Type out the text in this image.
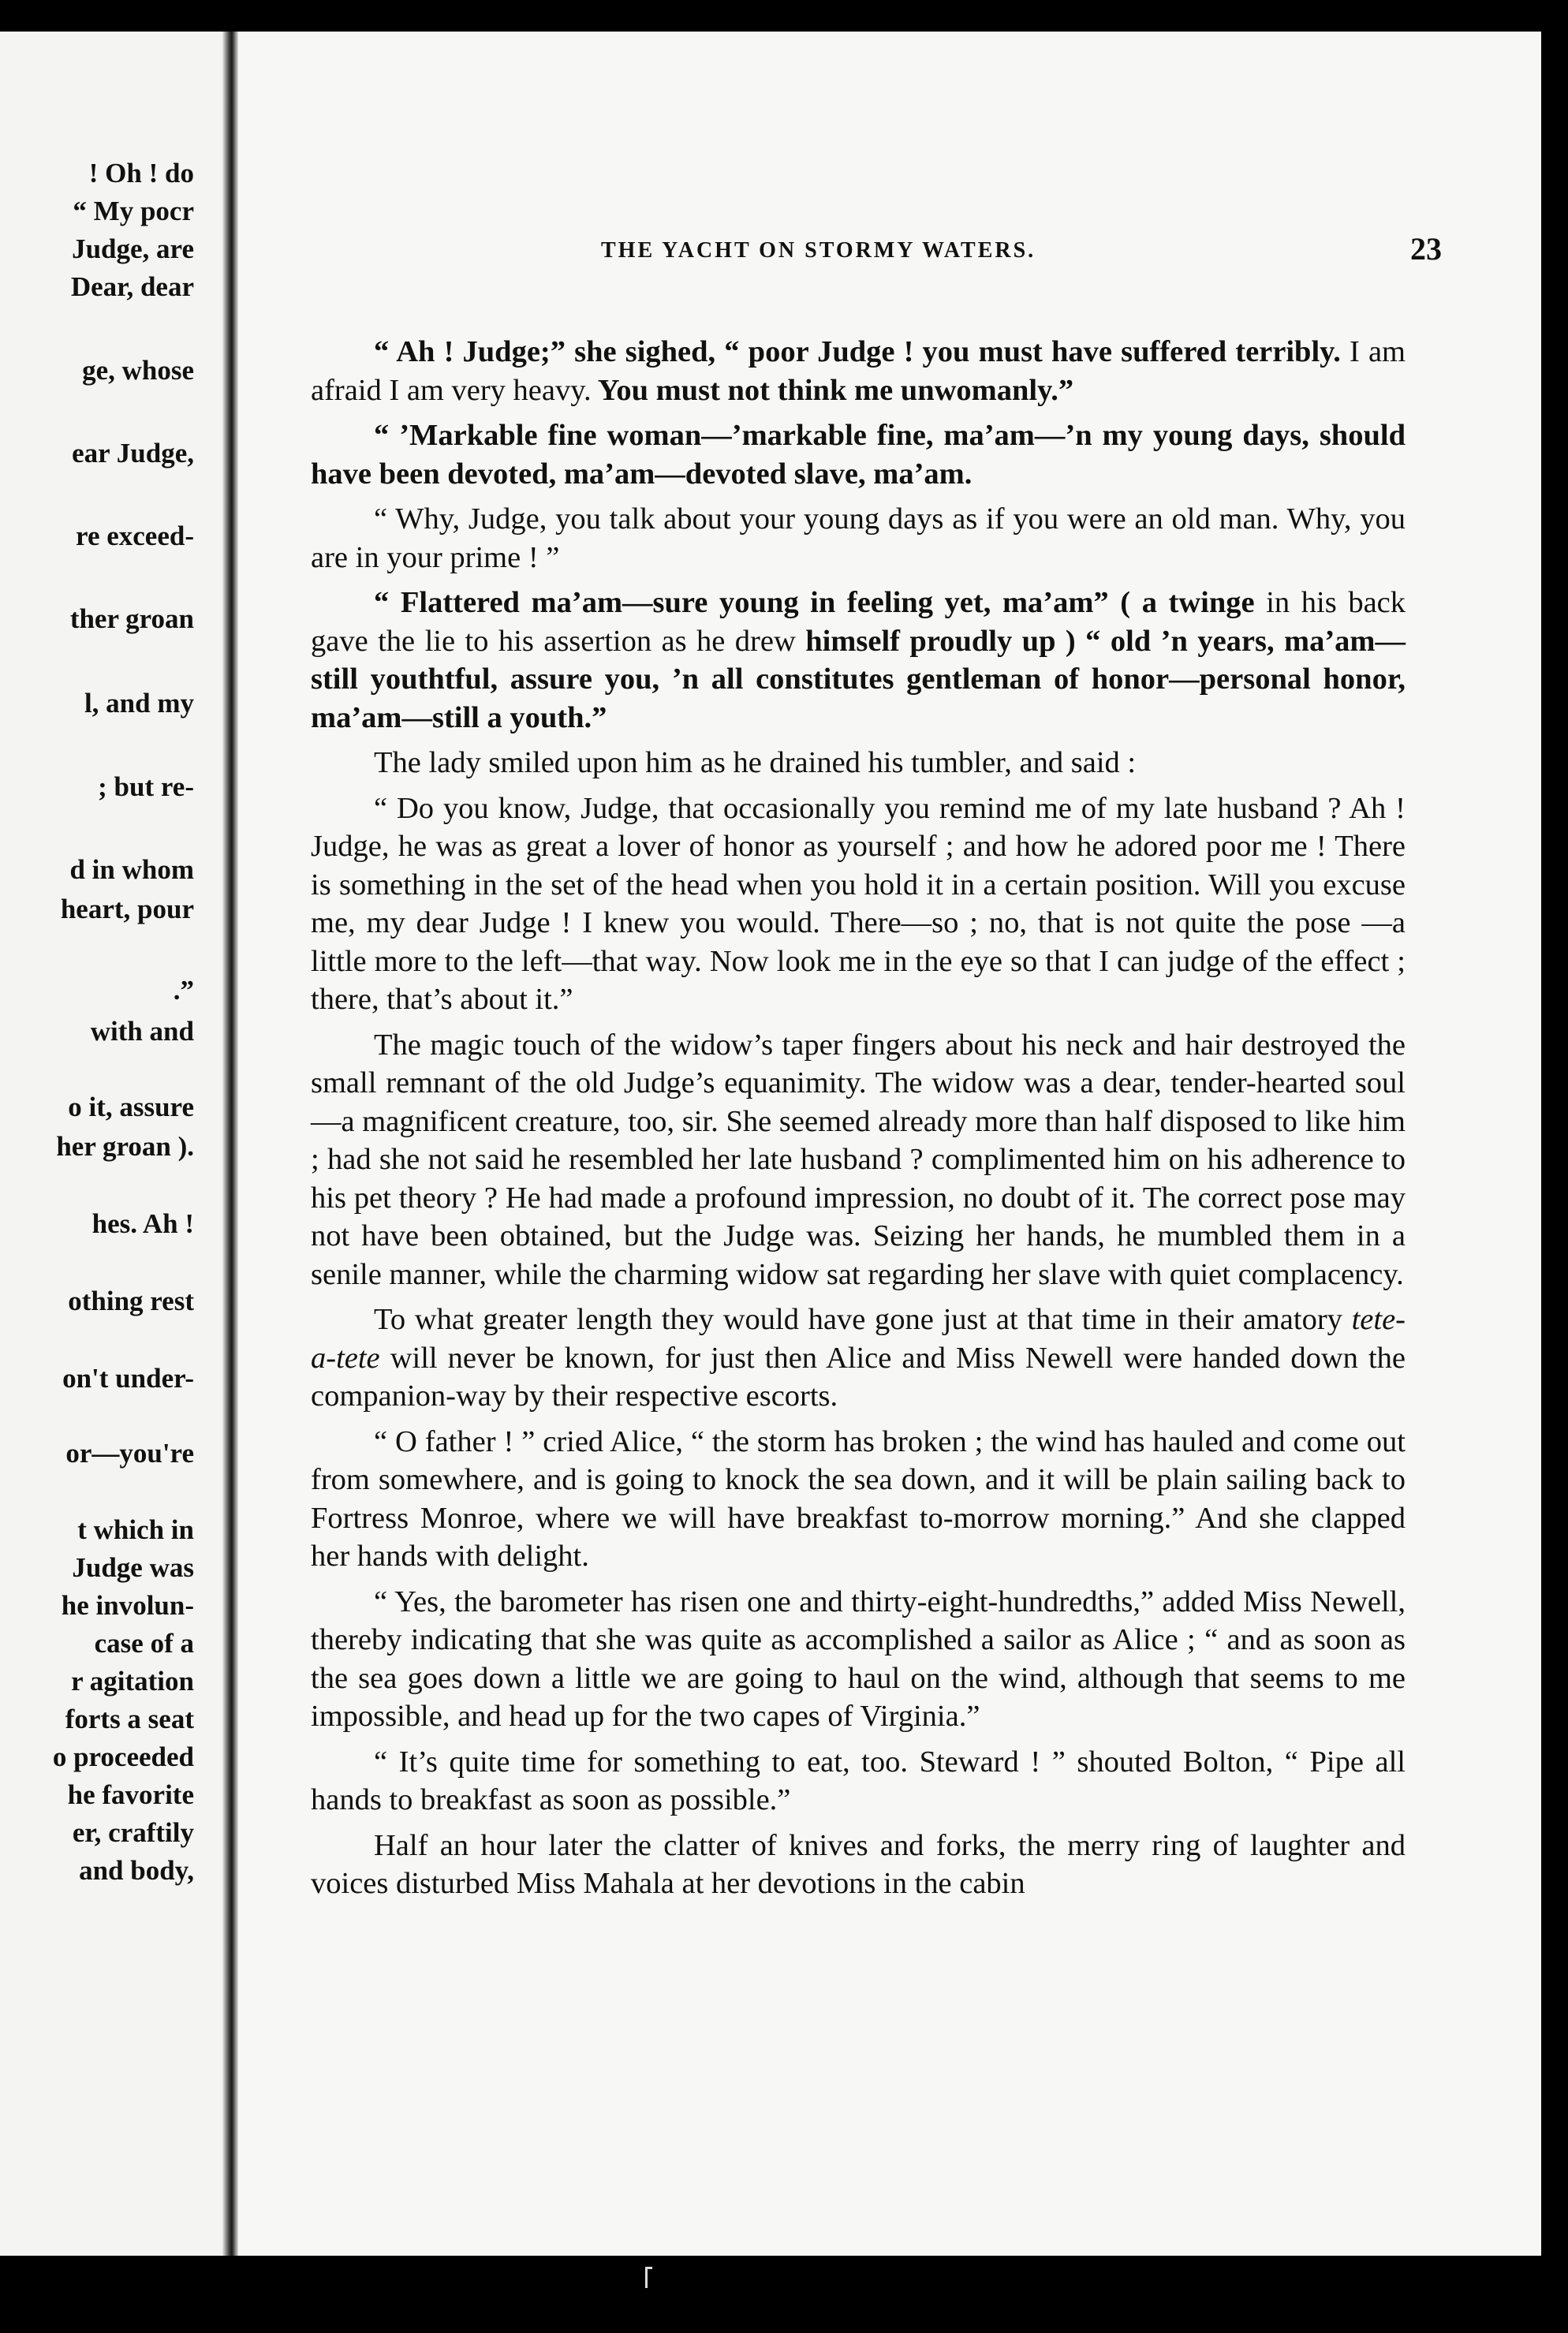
! Oh ! do
“ My pocr
Judge, are
Dear, dear
ge, whose
ear Judge,
re exceed-
ther groan
l, and my
; but re-
d in whom
heart, pour
.”
with and
o it, assure
her groan ).
hes. Ah !
othing rest
on't under-
or—you're
t which in
Judge was
he involun-
case of a
r agitation
forts a seat
o proceeded
he favorite
er, craftily
and body,
THE YACHT ON STORMY WATERS.	23

“ Ah ! Judge;” she sighed, “ poor Judge ! you must have suffered terribly. I am afraid I am very heavy. You must not think me unwomanly.”

“ ’Markable fine woman—’markable fine, ma’am—’n my young days, should have been devoted, ma’am—devoted slave, ma’am.

“ Why, Judge, you talk about your young days as if you were an old man. Why, you are in your prime ! ”

“ Flattered ma’am—sure young in feeling yet, ma’am” ( a twinge in his back gave the lie to his assertion as he drew himself proudly up ) “ old ’n years, ma’am—still youthtful, assure you, ’n all constitutes gentleman of honor—personal honor, ma’am—still a youth.”

The lady smiled upon him as he drained his tumbler, and said :

“ Do you know, Judge, that occasionally you remind me of my late husband ? Ah ! Judge, he was as great a lover of honor as yourself ; and how he adored poor me ! There is something in the set of the head when you hold it in a certain position. Will you excuse me, my dear Judge ! I knew you would. There—so ; no, that is not quite the pose —a little more to the left—that way. Now look me in the eye so that I can judge of the effect ; there, that’s about it.”

The magic touch of the widow’s taper fingers about his neck and hair destroyed the small remnant of the old Judge’s equanimity. The widow was a dear, tender-hearted soul—a magnificent creature, too, sir. She seemed already more than half disposed to like him ; had she not said he resembled her late husband ? complimented him on his adherence to his pet theory ? He had made a profound impression, no doubt of it. The correct pose may not have been obtained, but the Judge was. Seizing her hands, he mumbled them in a senile manner, while the charming widow sat regarding her slave with quiet complacency.

To what greater length they would have gone just at that time in their amatory tete-a-tete will never be known, for just then Alice and Miss Newell were handed down the companion-way by their respective escorts.

“ O father ! ” cried Alice, “ the storm has broken ; the wind has hauled and come out from somewhere, and is going to knock the sea down, and it will be plain sailing back to Fortress Monroe, where we will have breakfast to-morrow morning.” And she clapped her hands with delight.

“ Yes, the barometer has risen one and thirty-eight-hundredths,” added Miss Newell, thereby indicating that she was quite as accomplished a sailor as Alice ; “ and as soon as the sea goes down a little we are going to haul on the wind, although that seems to me impossible, and head up for the two capes of Virginia.”

“ It’s quite time for something to eat, too. Steward ! ” shouted Bolton, “ Pipe all hands to breakfast as soon as possible.”

Half an hour later the clatter of knives and forks, the merry ring of laughter and voices disturbed Miss Mahala at her devotions in the cabin
